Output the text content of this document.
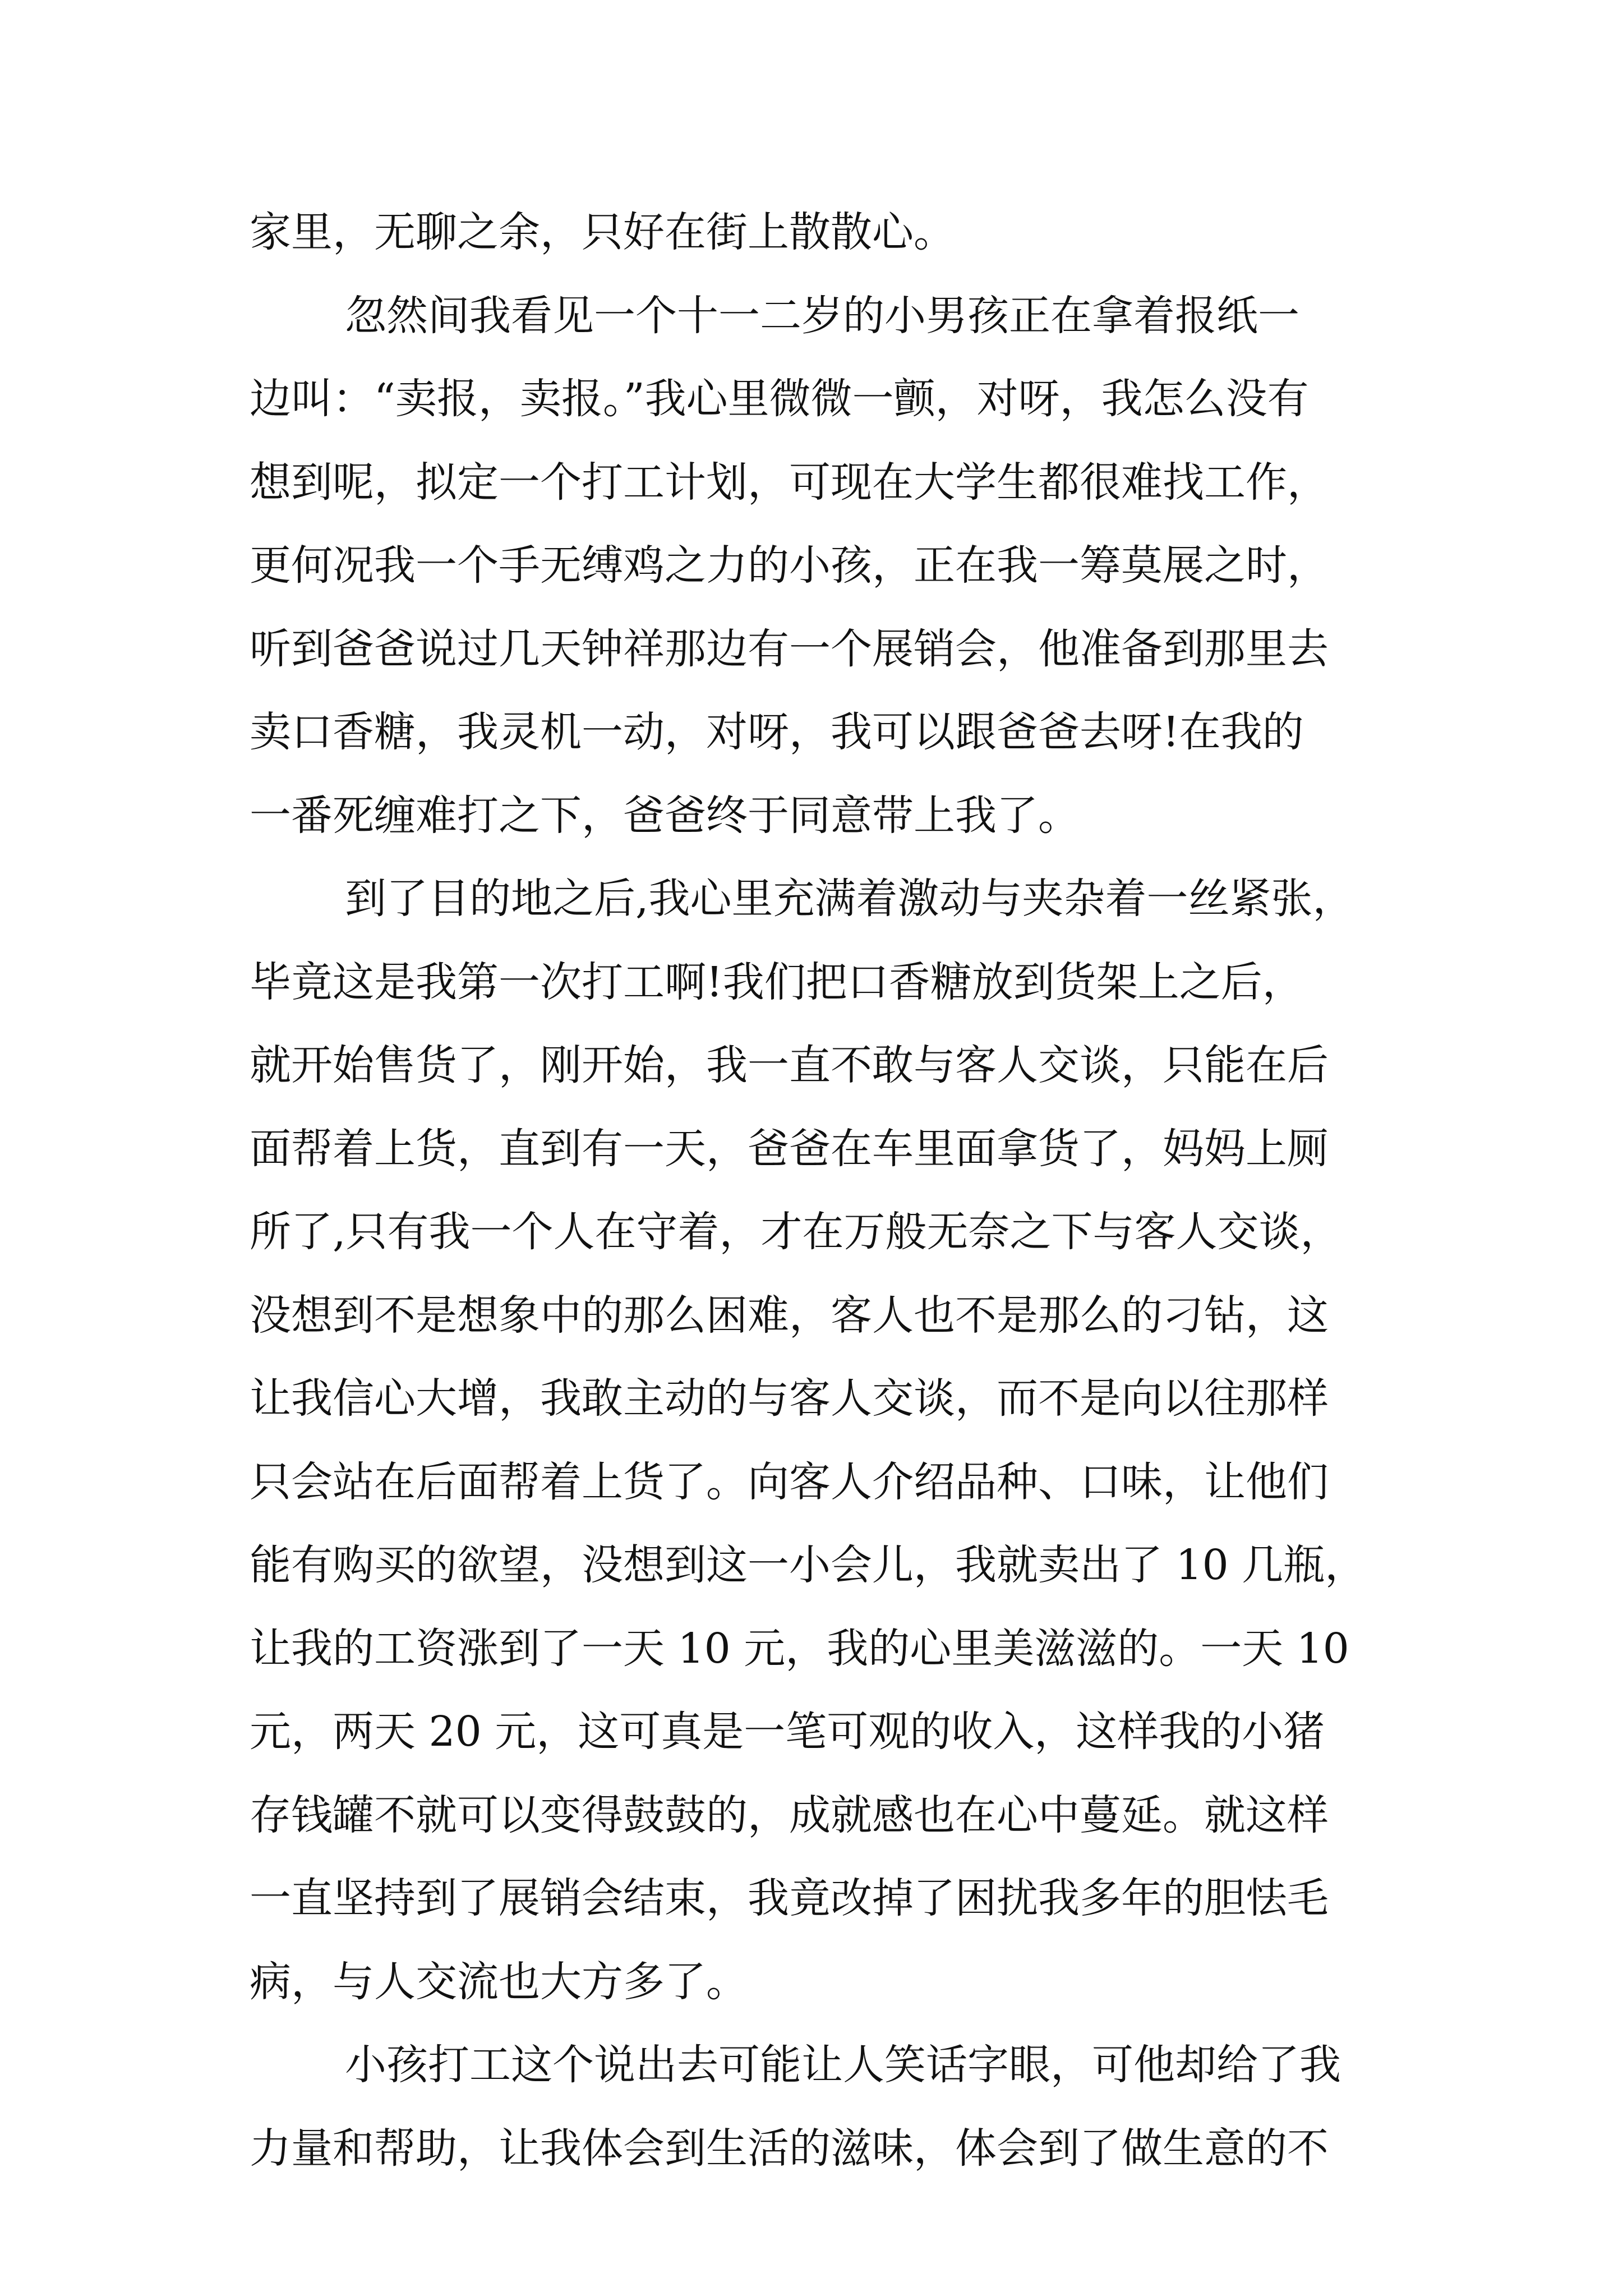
家里，无聊之余，只好在街上散散心。
忽然间我看见一个十一二岁的小男孩正在拿着报纸一
边叫：“卖报，卖报。”我心里微微一颤，对呀，我怎么没有
想到呢，拟定一个打工计划，可现在大学生都很难找工作，
更何况我一个手无缚鸡之力的小孩，正在我一筹莫展之时，
听到爸爸说过几天钟祥那边有一个展销会，他准备到那里去
卖口香糖，我灵机一动，对呀，我可以跟爸爸去呀!在我的
一番死缠难打之下，爸爸终于同意带上我了。
到了目的地之后,我心里充满着激动与夹杂着一丝紧张，
毕竟这是我第一次打工啊!我们把口香糖放到货架上之后，
就开始售货了，刚开始，我一直不敢与客人交谈，只能在后
面帮着上货，直到有一天，爸爸在车里面拿货了，妈妈上厕
所了,只有我一个人在守着，才在万般无奈之下与客人交谈，
没想到不是想象中的那么困难，客人也不是那么的刁钻，这
让我信心大增，我敢主动的与客人交谈，而不是向以往那样
只会站在后面帮着上货了。向客人介绍品种、口味，让他们
能有购买的欲望，没想到这一小会儿，我就卖出了 10 几瓶，
让我的工资涨到了一天 10 元，我的心里美滋滋的。一天 10
元，两天 20 元，这可真是一笔可观的收入，这样我的小猪
存钱罐不就可以变得鼓鼓的，成就感也在心中蔓延。就这样
一直坚持到了展销会结束，我竟改掉了困扰我多年的胆怯毛
病，与人交流也大方多了。
小孩打工这个说出去可能让人笑话字眼，可他却给了我
力量和帮助，让我体会到生活的滋味，体会到了做生意的不
